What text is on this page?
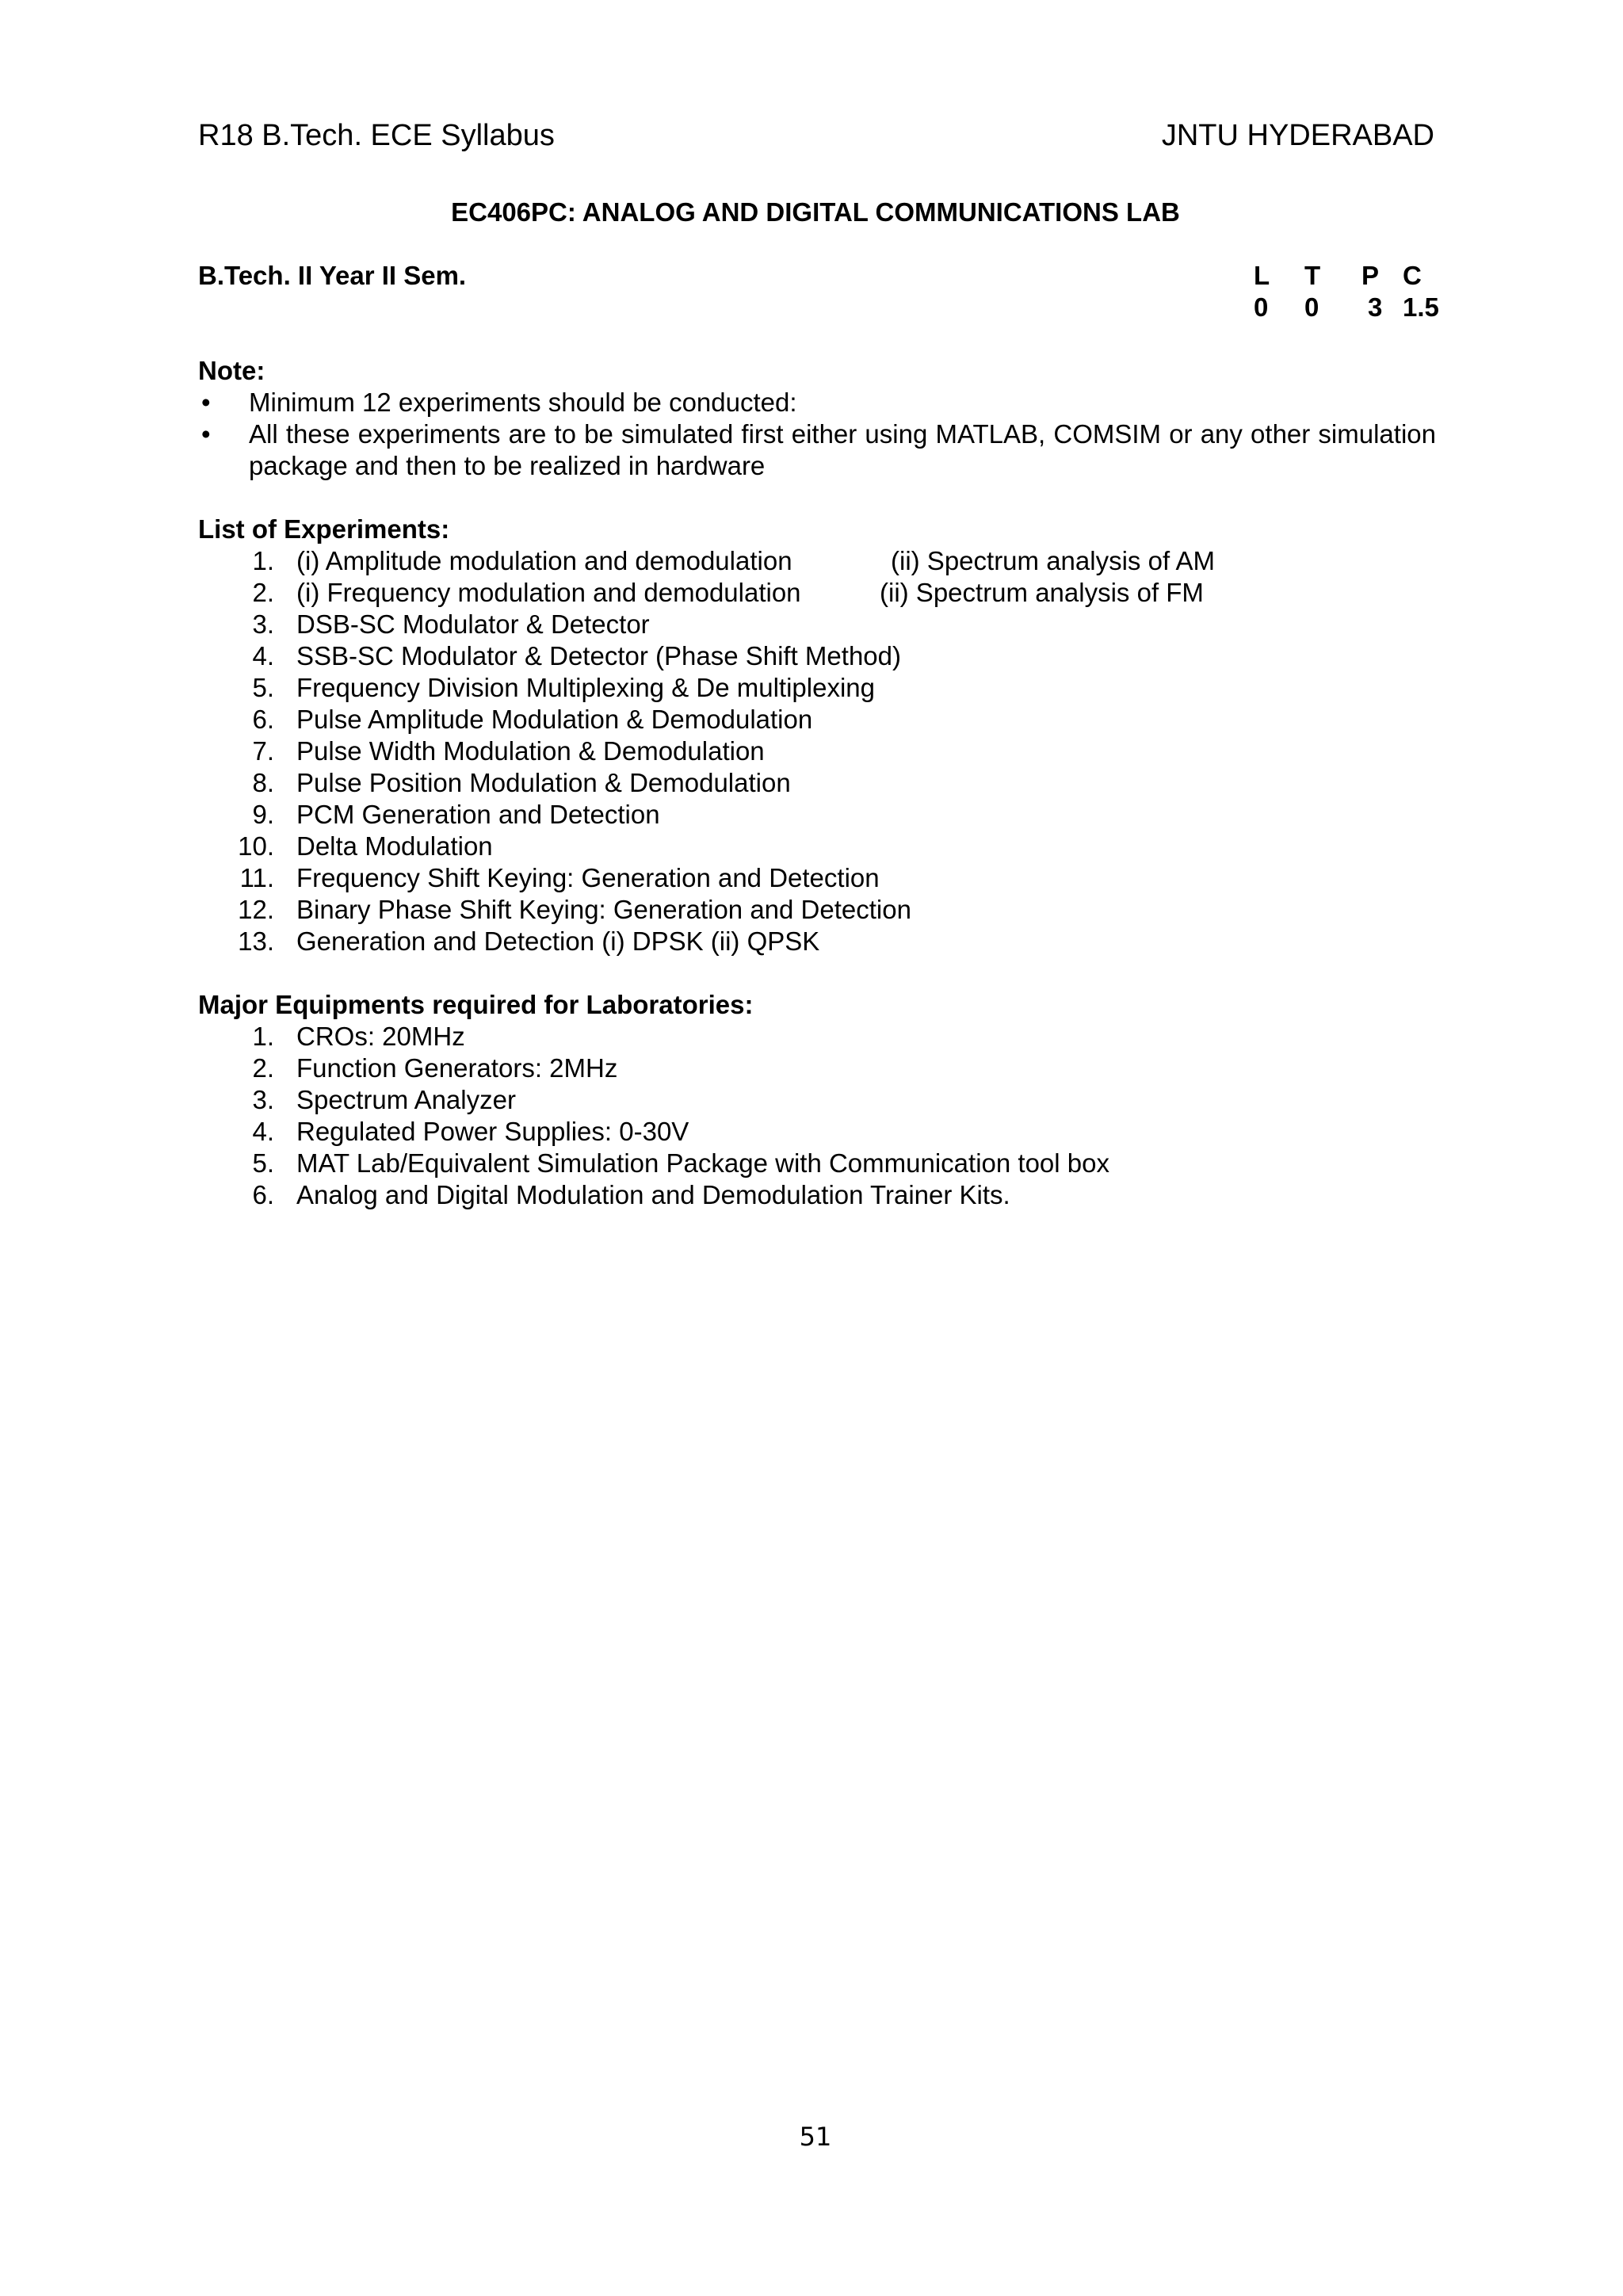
R18 B.Tech. ECE Syllabus	JNTU HYDERABAD
EC406PC: ANALOG AND DIGITAL COMMUNICATIONS LAB
B.Tech. II Year II Sem.	L T P C
0 0 3 1.5
Note:
• Minimum 12 experiments should be conducted:
• All these experiments are to be simulated first either using MATLAB, COMSIM or any other simulation package and then to be realized in hardware
List of Experiments:
1. (i) Amplitude modulation and demodulation	(ii) Spectrum analysis of AM
2. (i) Frequency modulation and demodulation	(ii) Spectrum analysis of FM
3. DSB-SC Modulator & Detector
4. SSB-SC Modulator & Detector (Phase Shift Method)
5. Frequency Division Multiplexing & De multiplexing
6. Pulse Amplitude Modulation & Demodulation
7. Pulse Width Modulation & Demodulation
8. Pulse Position Modulation & Demodulation
9. PCM Generation and Detection
10. Delta Modulation
11. Frequency Shift Keying: Generation and Detection
12. Binary Phase Shift Keying: Generation and Detection
13. Generation and Detection (i) DPSK (ii) QPSK
Major Equipments required for Laboratories:
1. CROs: 20MHz
2. Function Generators: 2MHz
3. Spectrum Analyzer
4. Regulated Power Supplies: 0-30V
5. MAT Lab/Equivalent Simulation Package with Communication tool box
6. Analog and Digital Modulation and Demodulation Trainer Kits.
51
